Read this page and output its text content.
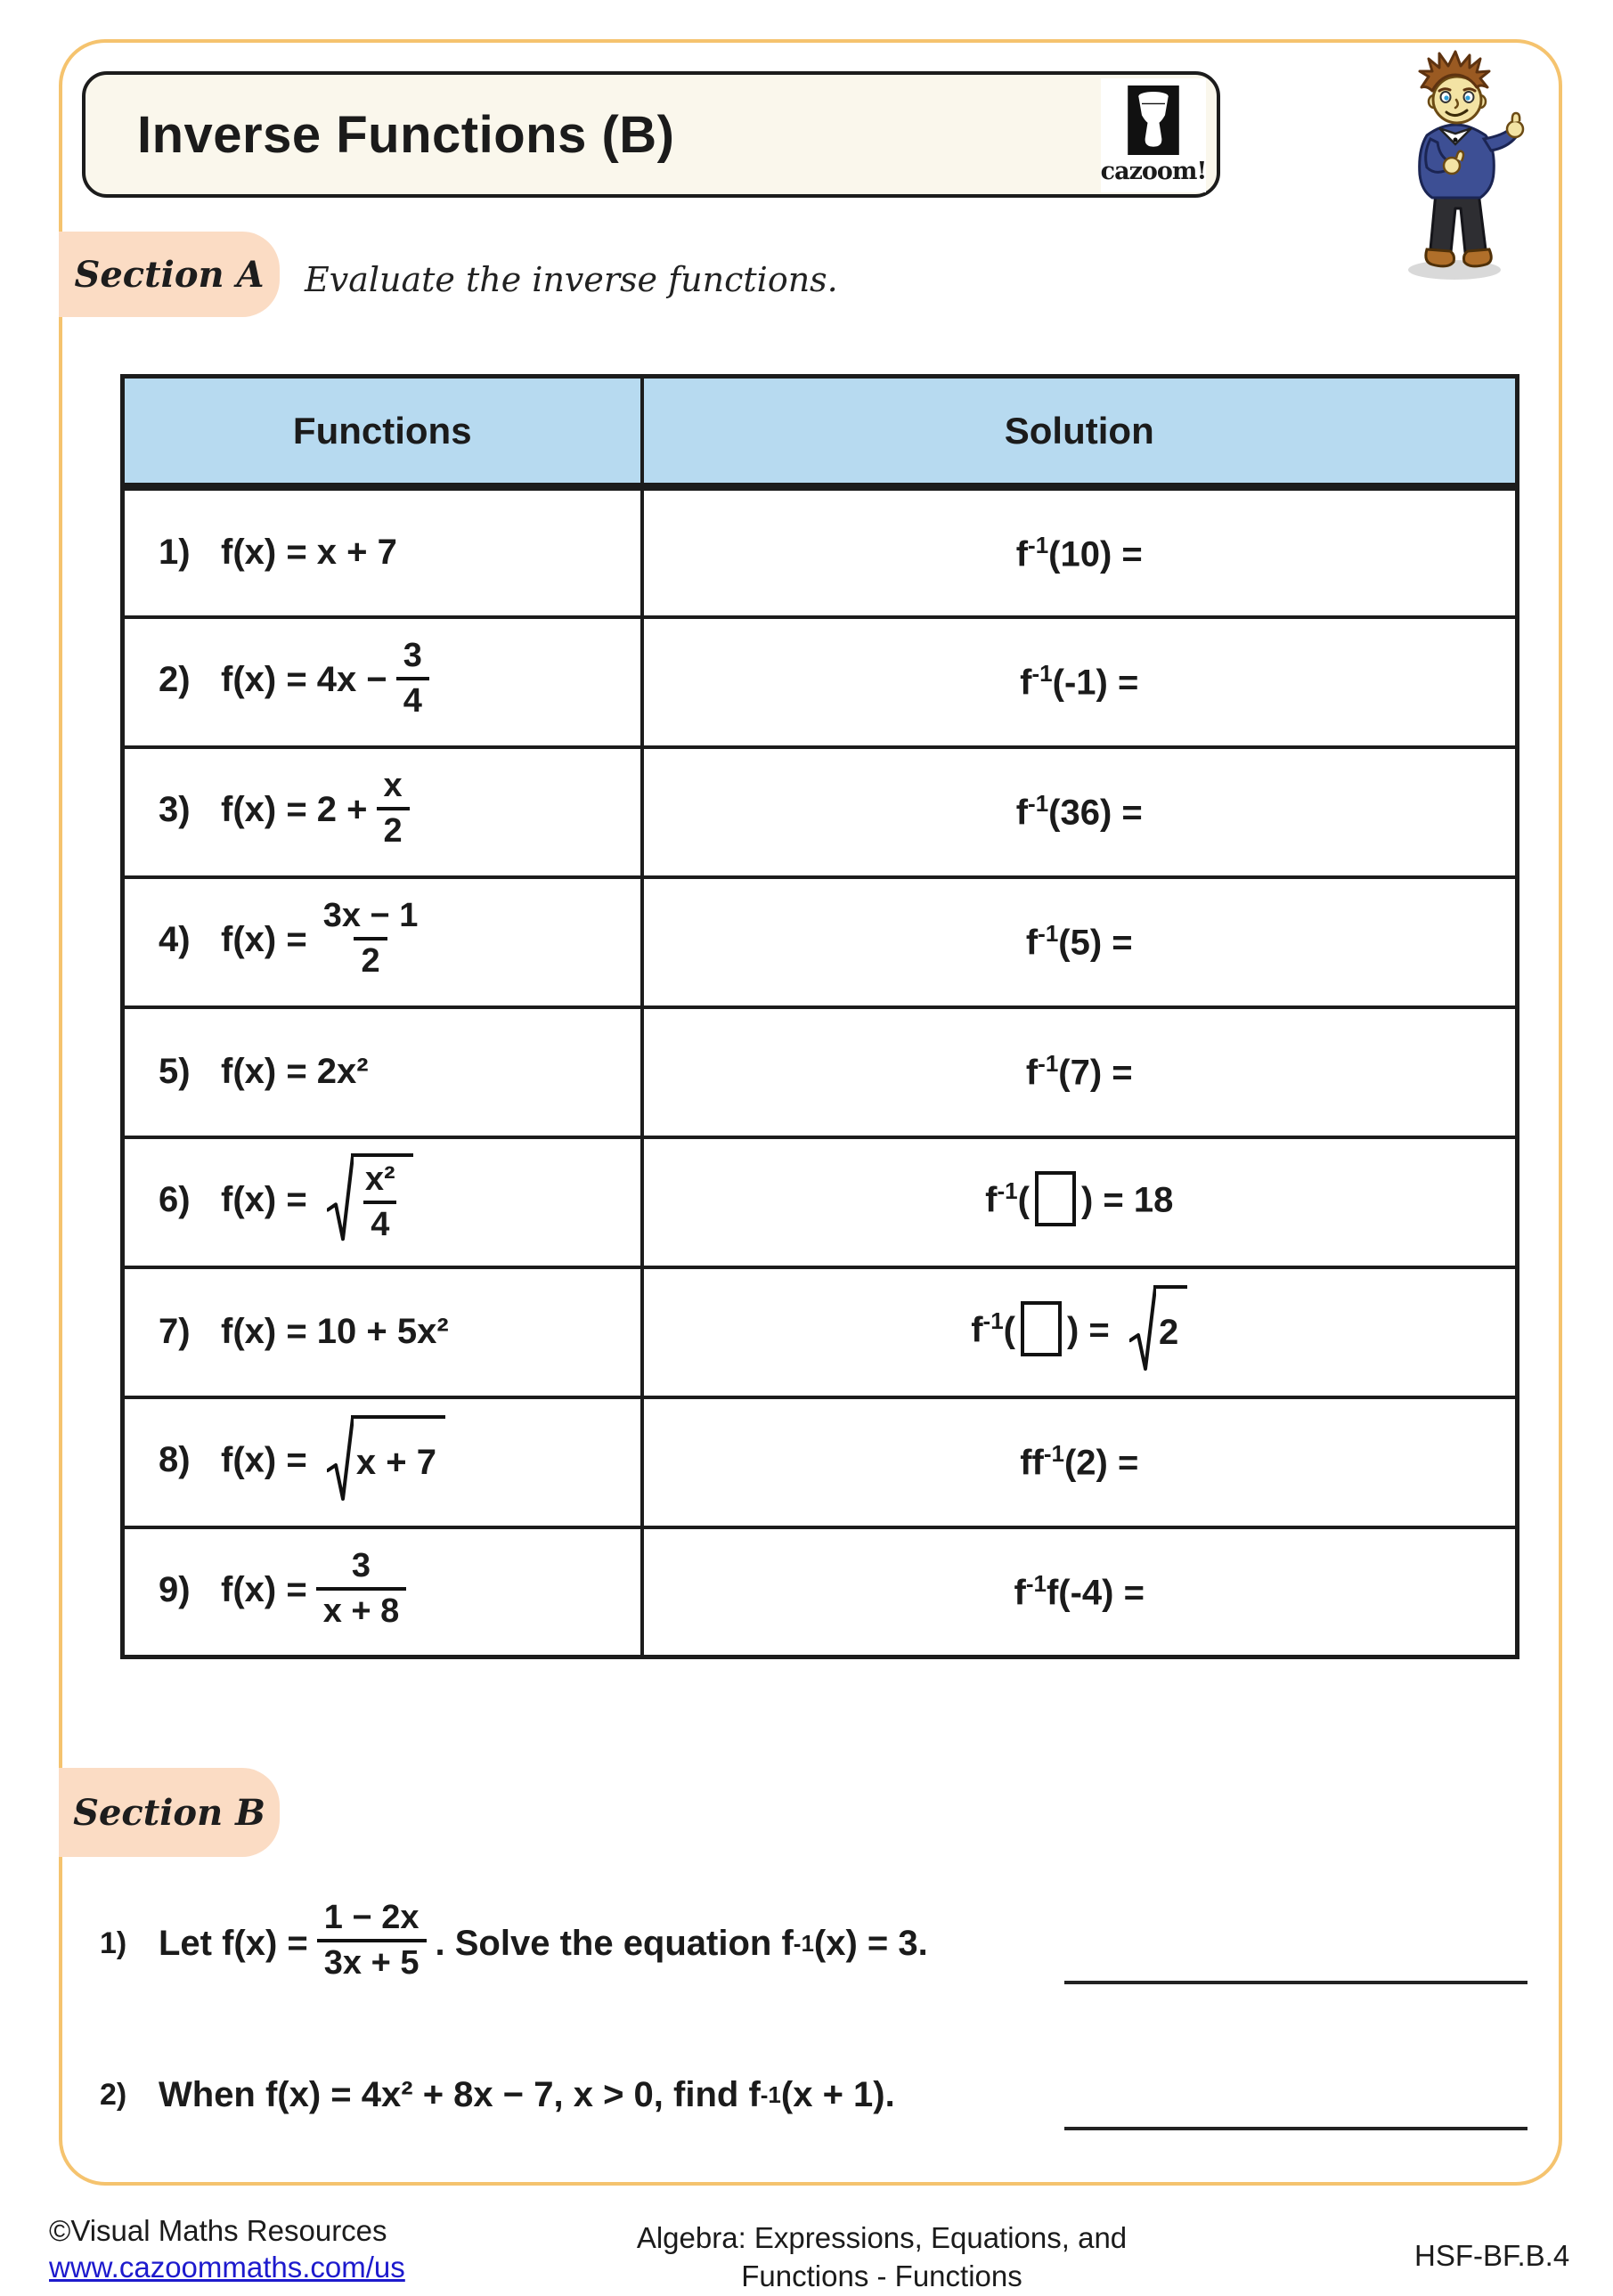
Inverse Functions (B)
cazoom!
Section A Evaluate the inverse functions.
Functions	Solution
1) f(x) = x + 7	$f^{-1}(10)$ =
2) $f(x) = 4x - \frac{3}{4}$	$f^{-1}(-1)$ =
3) $f(x) = 2 + \frac{x}{2}$	$f^{-1}(36)$ =
4) $f(x) = \frac{3x - 1}{2}$	$f^{-1}(5)$ =
5) f(x) = 2x²	$f^{-1}(7)$ =
6) $f(x) = \frac{\text{x²}}{4}$	$f^{-1}$( ) = 18
7) f(x) = 10 + 5x²	$f^{-1}$( ) = 2

8) f(x) = x + 7	$ff^{-1}(2)$ =
9) $f(x) = \frac{3}{x + 8}$	$f^{-1}f(-4)$ =
Section B
1) Let $f(x) = \frac{1 - 2x}{3x + 5}$ . Solve the equation f -1 (x) = 3.
2) When f(x) = 4x² + 8x − 7, x > 0, find f -1 (x + 1).
©Visual Maths Resources
www.cazoommaths.com/us
Algebra: Expressions, Equations, and
Functions - Functions
HSF-BF.B.4
